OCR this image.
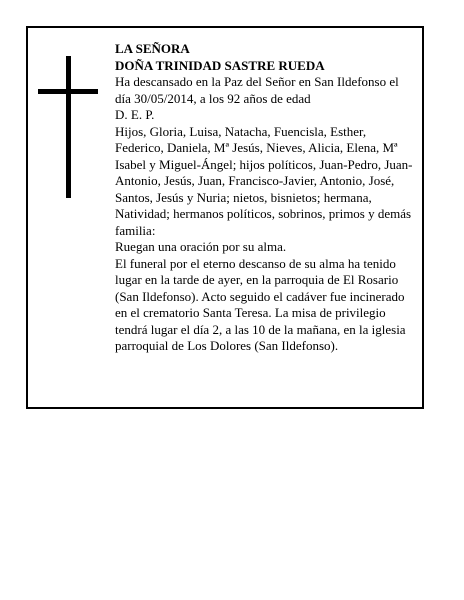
LA SEÑORA

DOÑA TRINIDAD SASTRE RUEDA

Ha descansado en la Paz del Señor en San Ildefonso el día 30/05/2014, a los 92 años de edad

D. E. P.

Hijos, Gloria, Luisa, Natacha, Fuencisla, Esther, Federico, Daniela, Mª Jesús, Nieves, Alicia, Elena, Mª Isabel y Miguel-Ángel; hijos políticos, Juan-Pedro, Juan-Antonio, Jesús, Juan, Francisco-Javier, Antonio, José, Santos, Jesús y Nuria; nietos, bisnietos; hermana, Natividad; hermanos políticos, sobrinos, primos y demás familia:

Ruegan una oración por su alma.

El funeral por el eterno descanso de su alma ha tenido lugar en la tarde de ayer, en la parroquia de El Rosario (San Ildefonso). Acto seguido el cadáver fue incinerado en el crematorio Santa Teresa. La misa de privilegio tendrá lugar el día 2, a las 10 de la mañana, en la iglesia parroquial de Los Dolores (San Ildefonso).
